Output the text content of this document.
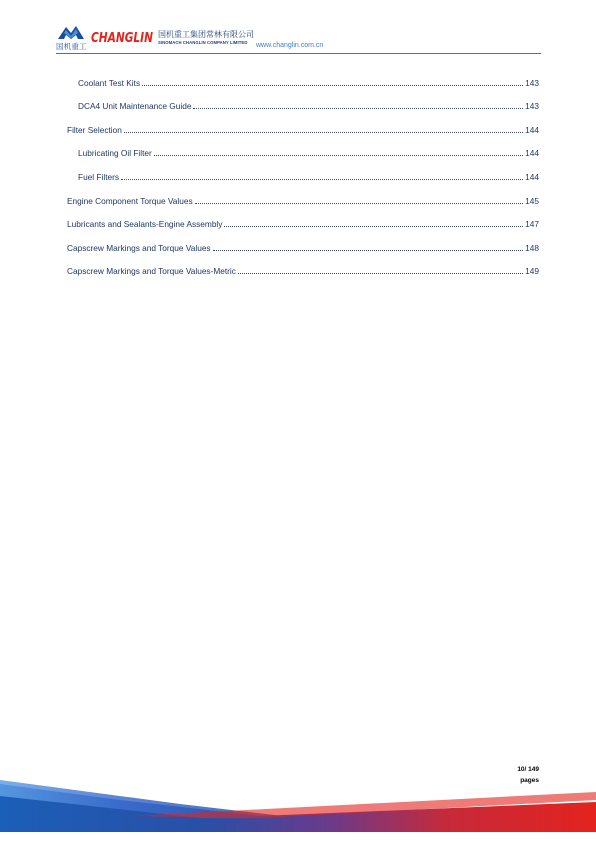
国机重工
CHANGLIN 国机重工集团常林有限公司
SINOMACH CHANGLIN COMPANY LIMITED www.changlin.com.cn
Coolant Test Kits	143
DCA4 Unit Maintenance Guide	143
Filter Selection	144
Lubricating Oil Filter	144
Fuel Filters	144
Engine Component Torque Values	145
Lubricants and Sealants-Engine Assembly	147
Capscrew Markings and Torque Values	148
Capscrew Markings and Torque Values-Metric	149
10/ 149
pages
